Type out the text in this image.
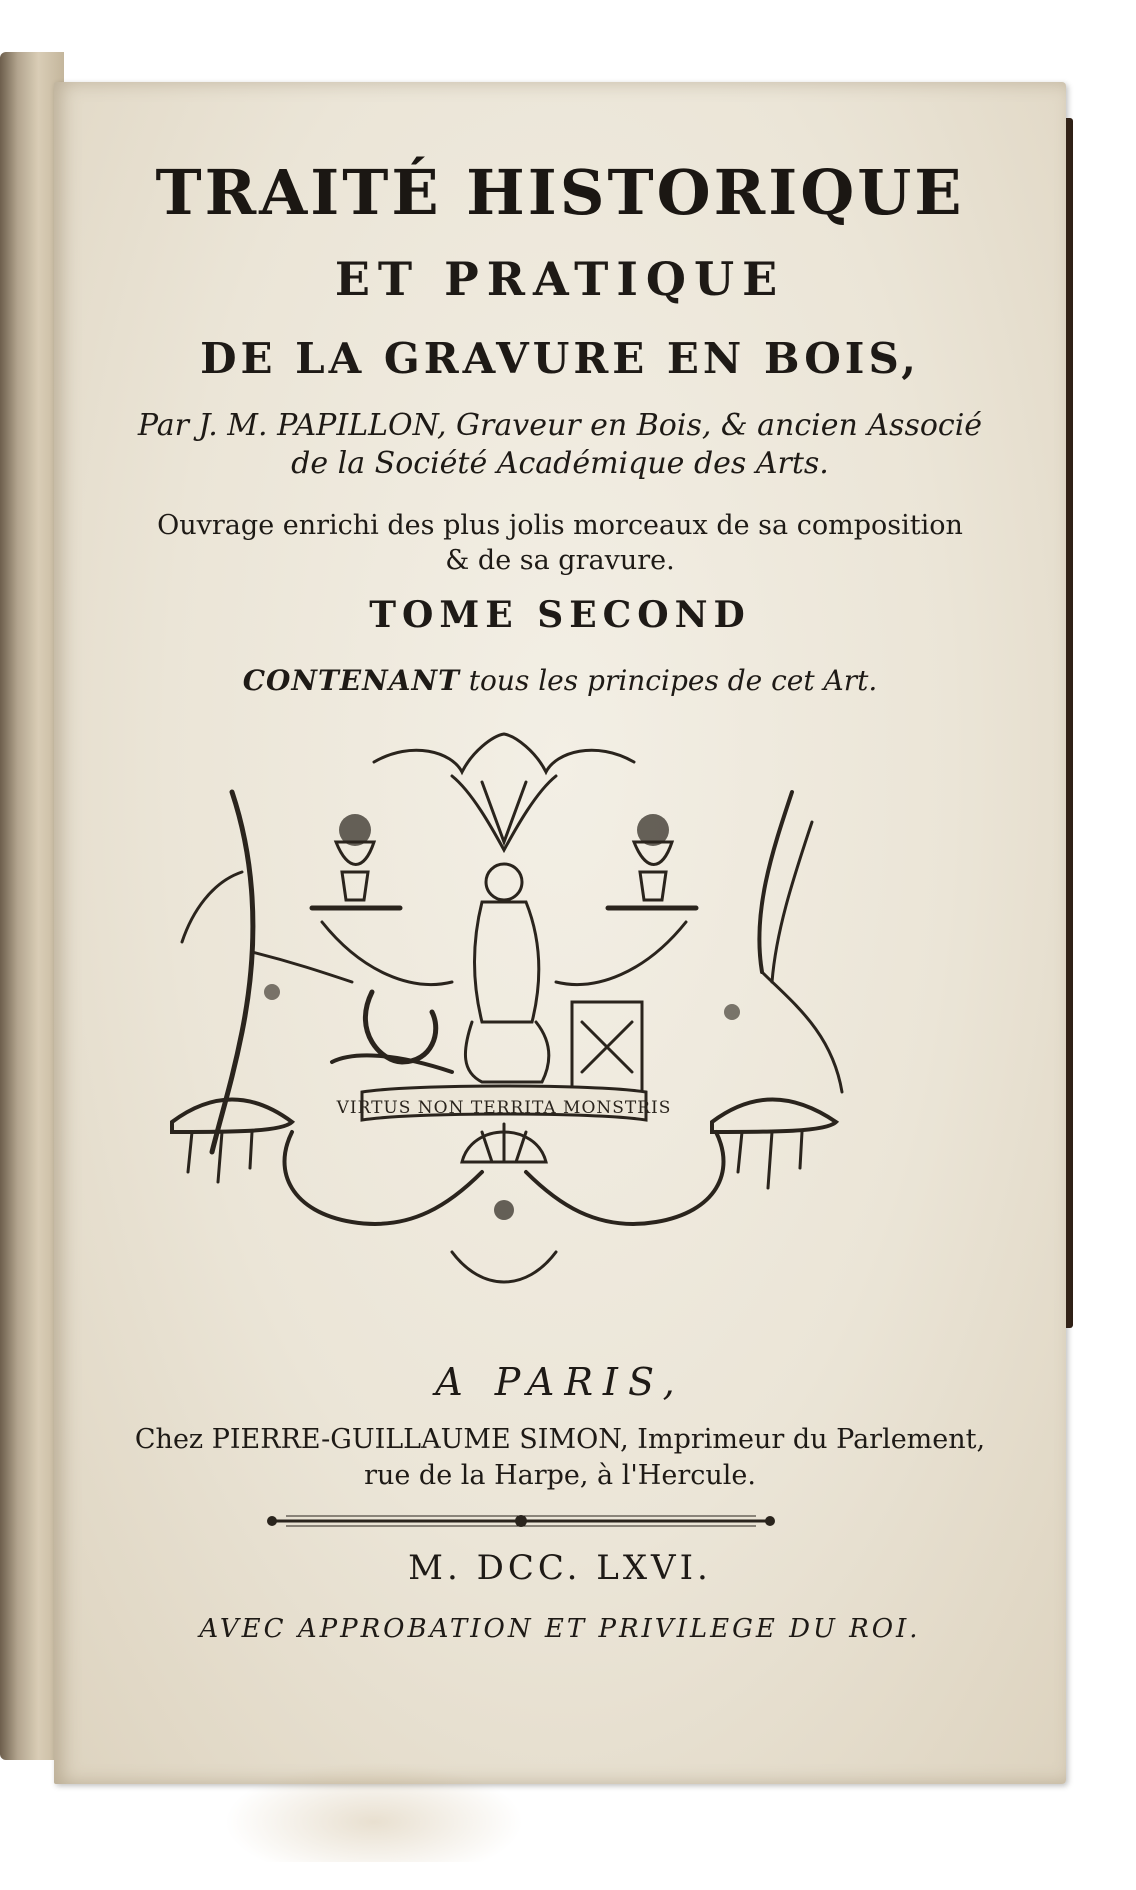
TRAITÉ HISTORIQUE
ET PRATIQUE
DE LA GRAVURE EN BOIS,
Par J. M. PAPILLON, Graveur en Bois, & ancien Associé
de la Société Académique des Arts.
Ouvrage enrichi des plus jolis morceaux de sa composition
& de sa gravure.
TOME SECOND
CONTENANT tous les principes de cet Art.
VIRTUS NON TERRITA MONSTRIS
A PARIS,
Chez PIERRE-GUILLAUME SIMON, Imprimeur du Parlement,
rue de la Harpe, à l'Hercule.
M. DCC. LXVI.
AVEC APPROBATION ET PRIVILEGE DU ROI.
